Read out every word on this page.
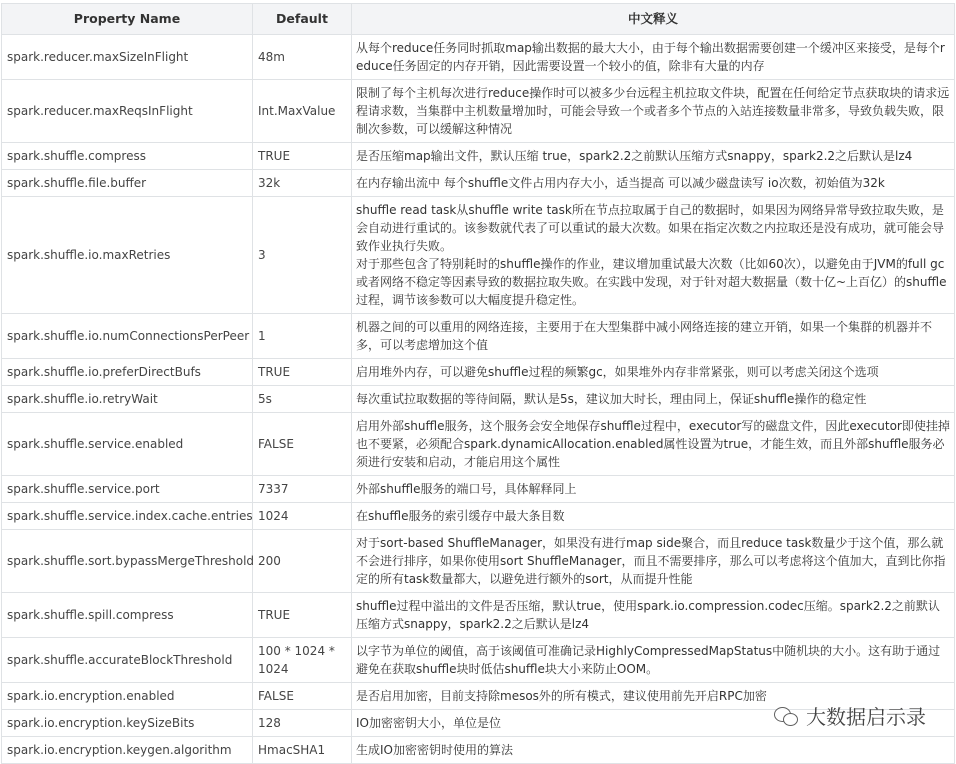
Property Name	Default	中文释义
spark.reducer.maxSizeInFlight	48m	从每个reduce任务同时抓取map输出数据的最大大小，由于每个输出数据需要创建一个缓冲区来接受，是每个reduce任务固定的内存开销，因此需要设置一个较小的值，除非有大量的内存
spark.reducer.maxReqsInFlight	Int.MaxValue	限制了每个主机每次进行reduce操作时可以被多少台远程主机拉取文件块，配置在任何给定节点获取块的请求远程请求数，当集群中主机数量增加时，可能会导致一个或者多个节点的入站连接数量非常多，导致负载失败，限制次参数，可以缓解这种情况
spark.shuffle.compress	TRUE	是否压缩map输出文件，默认压缩 true，spark2.2之前默认压缩方式snappy，spark2.2之后默认是lz4
spark.shuffle.file.buffer	32k	在内存输出流中 每个shuffle文件占用内存大小，适当提高 可以减少磁盘读写 io次数，初始值为32k
spark.shuffle.io.maxRetries	3	shuffle read task从shuffle write task所在节点拉取属于自己的数据时，如果因为网络异常导致拉取失败，是会自动进行重试的。该参数就代表了可以重试的最大次数。如果在指定次数之内拉取还是没有成功，就可能会导致作业执行失败。
对于那些包含了特别耗时的shuffle操作的作业，建议增加重试最大次数（比如60次），以避免由于JVM的full gc或者网络不稳定等因素导致的数据拉取失败。在实践中发现，对于针对超大数据量（数十亿~上百亿）的shuffle过程，调节该参数可以大幅度提升稳定性。
spark.shuffle.io.numConnectionsPerPeer	1	机器之间的可以重用的网络连接，主要用于在大型集群中减小网络连接的建立开销，如果一个集群的机器并不多，可以考虑增加这个值
spark.shuffle.io.preferDirectBufs	TRUE	启用堆外内存，可以避免shuffle过程的频繁gc，如果堆外内存非常紧张，则可以考虑关闭这个选项
spark.shuffle.io.retryWait	5s	每次重试拉取数据的等待间隔，默认是5s，建议加大时长，理由同上，保证shuffle操作的稳定性
spark.shuffle.service.enabled	FALSE	启用外部shuffle服务，这个服务会安全地保存shuffle过程中，executor写的磁盘文件，因此executor即使挂掉也不要紧，必须配合spark.dynamicAllocation.enabled属性设置为true，才能生效，而且外部shuffle服务必须进行安装和启动，才能启用这个属性
spark.shuffle.service.port	7337	外部shuffle服务的端口号，具体解释同上
spark.shuffle.service.index.cache.entries	1024	在shuffle服务的索引缓存中最大条目数
spark.shuffle.sort.bypassMergeThreshold	200	对于sort-based ShuffleManager，如果没有进行map side聚合，而且reduce task数量少于这个值，那么就不会进行排序，如果你使用sort ShuffleManager，而且不需要排序，那么可以考虑将这个值加大，直到比你指定的所有task数量都大，以避免进行额外的sort，从而提升性能
spark.shuffle.spill.compress	TRUE	shuffle过程中溢出的文件是否压缩，默认true，使用spark.io.compression.codec压缩。spark2.2之前默认压缩方式snappy，spark2.2之后默认是lz4
spark.shuffle.accurateBlockThreshold	100 * 1024 * 1024	以字节为单位的阈值，高于该阈值可准确记录HighlyCompressedMapStatus中随机块的大小。这有助于通过避免在获取shuffle块时低估shuffle块大小来防止OOM。
spark.io.encryption.enabled	FALSE	是否启用加密，目前支持除mesos外的所有模式，建议使用前先开启RPC加密
spark.io.encryption.keySizeBits	128	IO加密密钥大小，单位是位
spark.io.encryption.keygen.algorithm	HmacSHA1	生成IO加密密钥时使用的算法
大数据启示录
